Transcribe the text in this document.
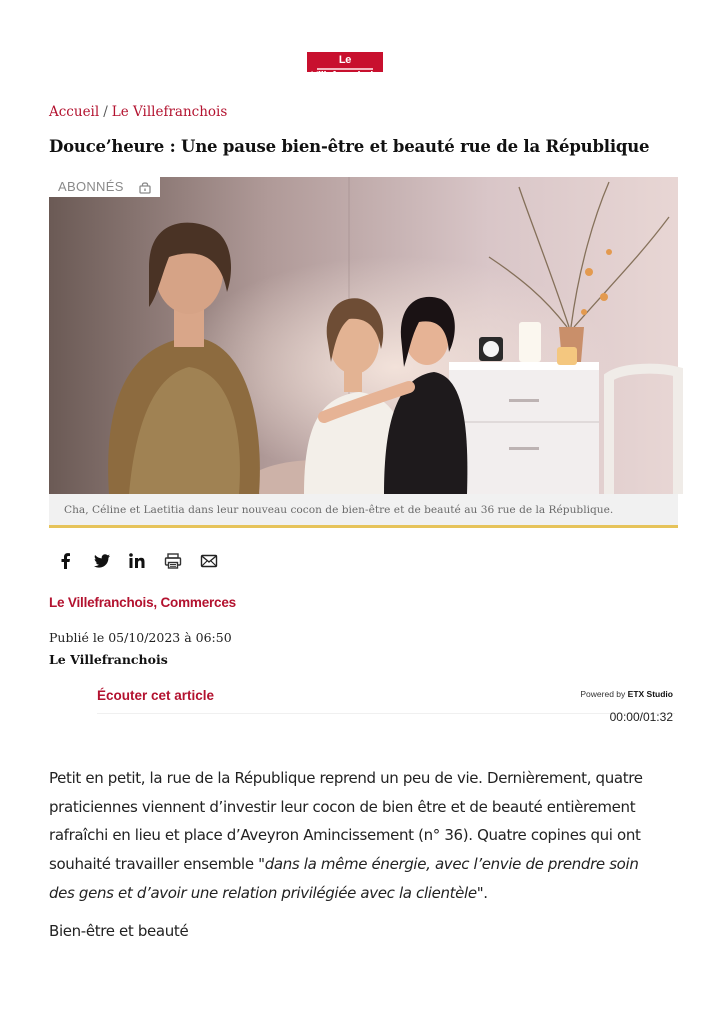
Le Villefranchois
Accueil / Le Villefranchois
Douce’heure : Une pause bien-être et beauté rue de la République
ABONNÉS
Cha, Céline et Laetitia dans leur nouveau cocon de bien-être et de beauté au 36 rue de la République.
Le Villefranchois, Commerces
Publié le 05/10/2023 à 06:50
Le Villefranchois
Écouter cet article	Powered by ETX Studio
00:00/01:32

Petit en petit, la rue de la République reprend un peu de vie. Dernièrement, quatre praticiennes viennent d’investir leur cocon de bien être et de beauté entièrement rafraîchi en lieu et place d’Aveyron Amincissement (n° 36). Quatre copines qui ont souhaité travailler ensemble "dans la même énergie, avec l’envie de prendre soin des gens et d’avoir une relation privilégiée avec la clientèle".

Bien-être et beauté
